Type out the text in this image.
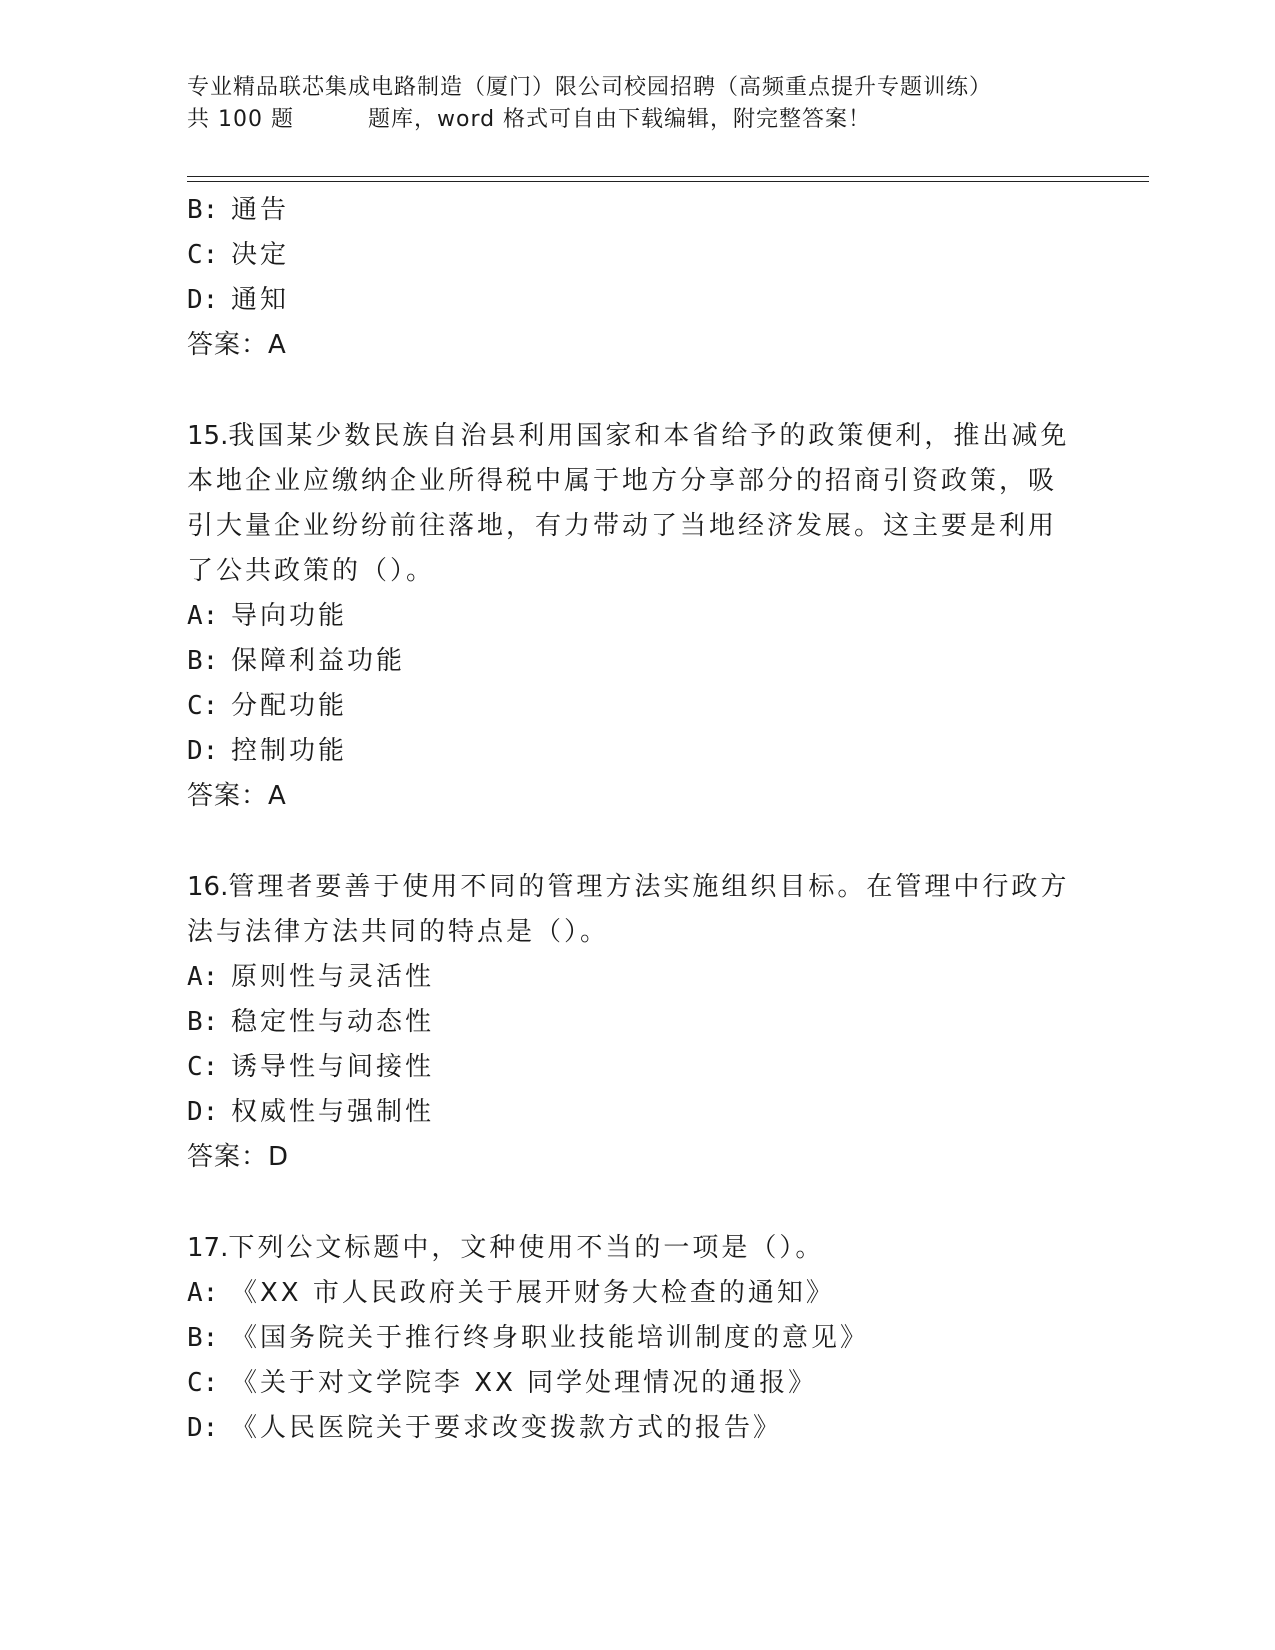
专业精品联芯集成电路制造（厦门）限公司校园招聘（高频重点提升专题训练）
共 100 题	题库，word 格式可自由下载编辑，附完整答案！
B: 通告
C: 决定
D: 通知
答案：A
15.我国某少数民族自治县利用国家和本省给予的政策便利，推出减免
本地企业应缴纳企业所得税中属于地方分享部分的招商引资政策，吸
引大量企业纷纷前往落地，有力带动了当地经济发展。这主要是利用
了公共政策的（）。
A: 导向功能
B: 保障利益功能
C: 分配功能
D: 控制功能
答案：A
16.管理者要善于使用不同的管理方法实施组织目标。在管理中行政方
法与法律方法共同的特点是（）。
A: 原则性与灵活性
B: 稳定性与动态性
C: 诱导性与间接性
D: 权威性与强制性
答案：D
17.下列公文标题中，文种使用不当的一项是（）。
A: 《XX 市人民政府关于展开财务大检查的通知》
B: 《国务院关于推行终身职业技能培训制度的意见》
C: 《关于对文学院李 XX 同学处理情况的通报》
D: 《人民医院关于要求改变拨款方式的报告》
